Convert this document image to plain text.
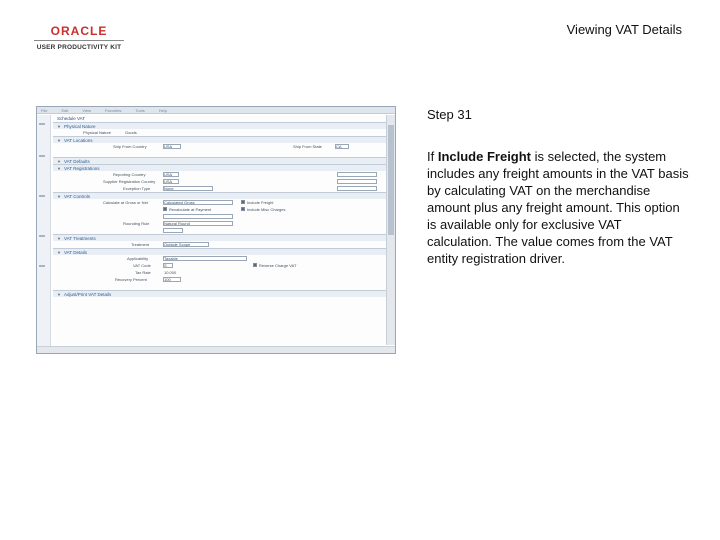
ORACLE
USER PRODUCTIVITY KIT
Viewing VAT Details
File	Edit	View	Favorites	Tools	Help
Schedule VAT
▼ Physical Nature
Physical Nature	Goods
▼ VAT Locations
Ship From Country	USA	Ship From State	CA
▼ VAT Defaults
▼ VAT Registrations
Reporting Country	USA
Supplier Registration Country USA
Exception Type	None
▼ VAT Controls
Calculate at Gross or Net	Calculated Gross	Include Freight
Recalculate at Payment	Include Misc Charges
Rounding Rule	Natural Round
▼ VAT Treatments
Treatment	Outside Scope
▼ VAT Details
Applicability	Taxable
VAT Code	S	Reverse Charge VAT
Tax Rate	10.000
Recovery Percent	100
▼ Adjust/Print VAT Details
Step 31
If Include Freight is selected, the system includes any freight amounts in the VAT basis by calculating VAT on the merchandise amount plus any freight amount. This option is available only for exclusive VAT calculation. The value comes from the VAT entity registration driver.
